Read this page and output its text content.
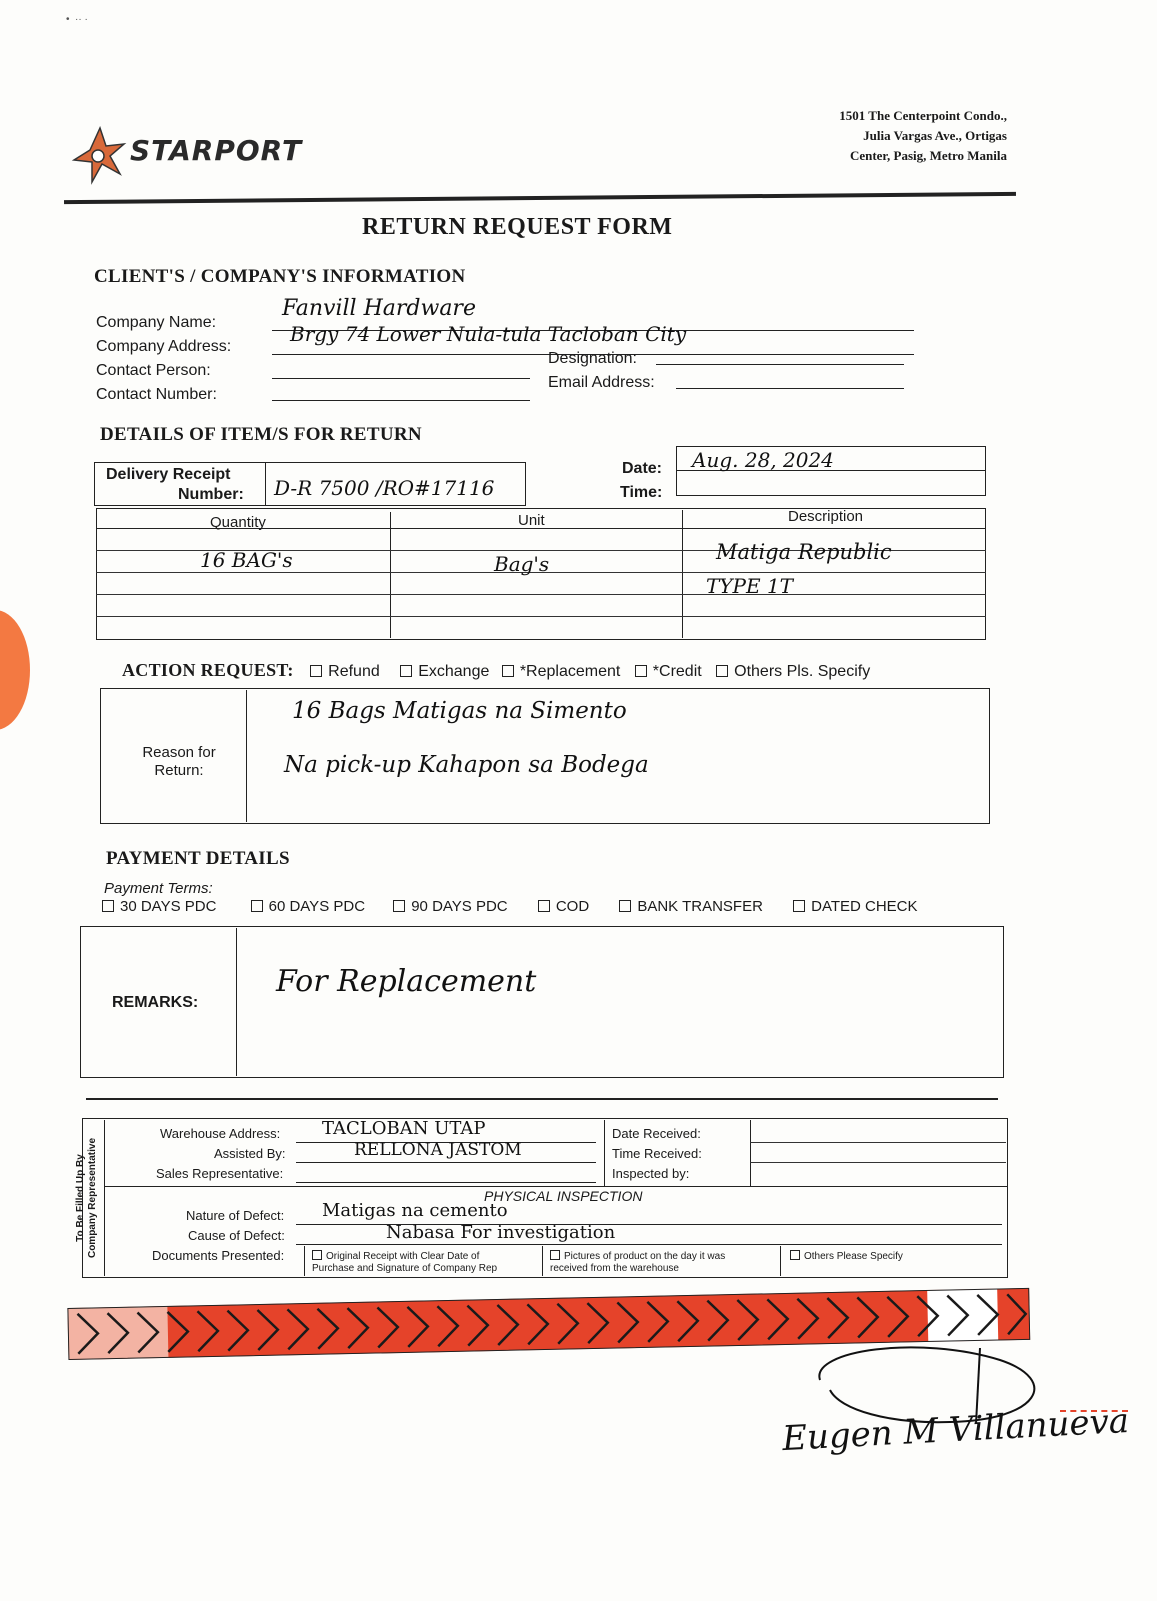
•  ·· ·
STARPORT
1501 The Centerpoint Condo.,
Julia Vargas Ave., Ortigas
Center, Pasig, Metro Manila
RETURN REQUEST FORM
CLIENT'S / COMPANY'S INFORMATION
Company Name:
Fanvill Hardware
Company Address:
Brgy 74 Lower Nula-tula Tacloban City
Contact Person:
Contact Number:
Designation:
Email Address:
DETAILS OF ITEM/S FOR RETURN
Delivery Receipt
Number: D-R 7500 /RO#17116
Date:
Time:
Aug. 28, 2024
Quantity	Unit	Description
16 BAG's	Bag's	Matiga Republic
TYPE 1T
ACTION REQUEST: Refund Exchange *Replacement *Credit Others Pls. Specify
Reason for
Return:
16 Bags Matigas na Simento
Na pick-up Kahapon sa Bodega
PAYMENT DETAILS
Payment Terms:
30 DAYS PDC	60 DAYS PDC	90 DAYS PDC	COD	BANK TRANSFER	DATED CHECK
REMARKS:
For Replacement
To Be Filled Up By Company Representative
Warehouse Address: TACLOBAN UTAP
Assisted By:	RELLONA JASTOM
Sales Representative:
Date Received:
Time Received:
Inspected by:
PHYSICAL INSPECTION
Nature of Defect: Matigas na cemento
Cause of Defect:	Nabasa For investigation
Documents Presented:	Original Receipt with Clear Date of
Purchase and Signature of Company Rep
Pictures of product on the day it was
received from the warehouse
Others Please Specify
Eugen M Villanueva
